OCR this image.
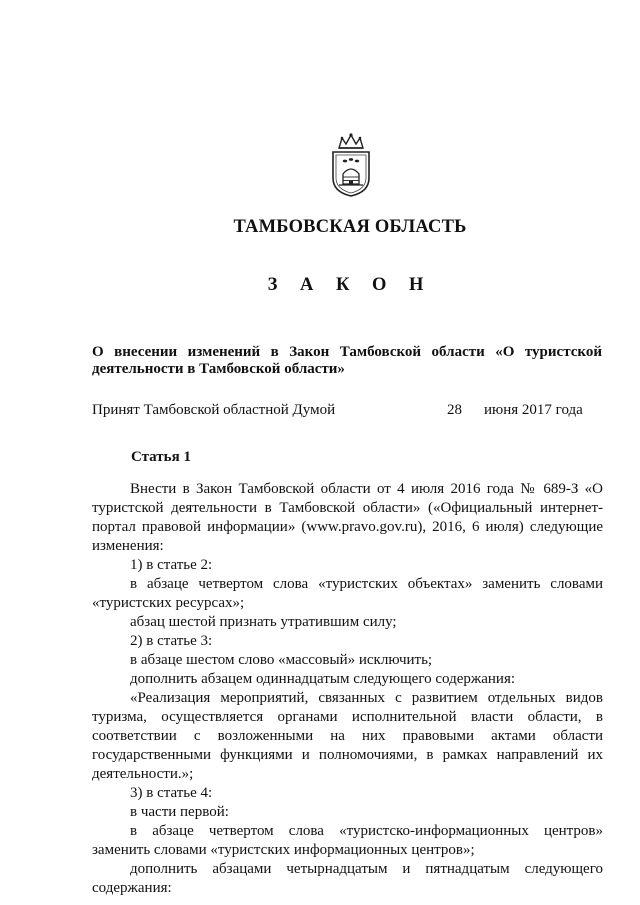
ТАМБОВСКАЯ ОБЛАСТЬ
З А К О Н
О внесении изменений в Закон Тамбовской области «О туристской деятельности в Тамбовской области»
Принят Тамбовской областной Думой	28 июня 2017 года
Статья 1

Внести в Закон Тамбовской области от 4 июля 2016 года № 689-З «О туристской деятельности в Тамбовской области» («Официальный интернет-портал правовой информации» (www.pravo.gov.ru), 2016, 6 июля) следующие изменения:

1) в статье 2:

в абзаце четвертом слова «туристских объектах» заменить словами «туристских ресурсах»;

абзац шестой признать утратившим силу;

2) в статье 3:

в абзаце шестом слово «массовый» исключить;

дополнить абзацем одиннадцатым следующего содержания:

«Реализация мероприятий, связанных с развитием отдельных видов туризма, осуществляется органами исполнительной власти области, в соответствии с возложенными на них правовыми актами области государственными функциями и полномочиями, в рамках направлений их деятельности.»;

3) в статье 4:

в части первой:

в абзаце четвертом слова «туристско-информационных центров» заменить словами «туристских информационных центров»;

дополнить абзацами четырнадцатым и пятнадцатым следующего содержания:
